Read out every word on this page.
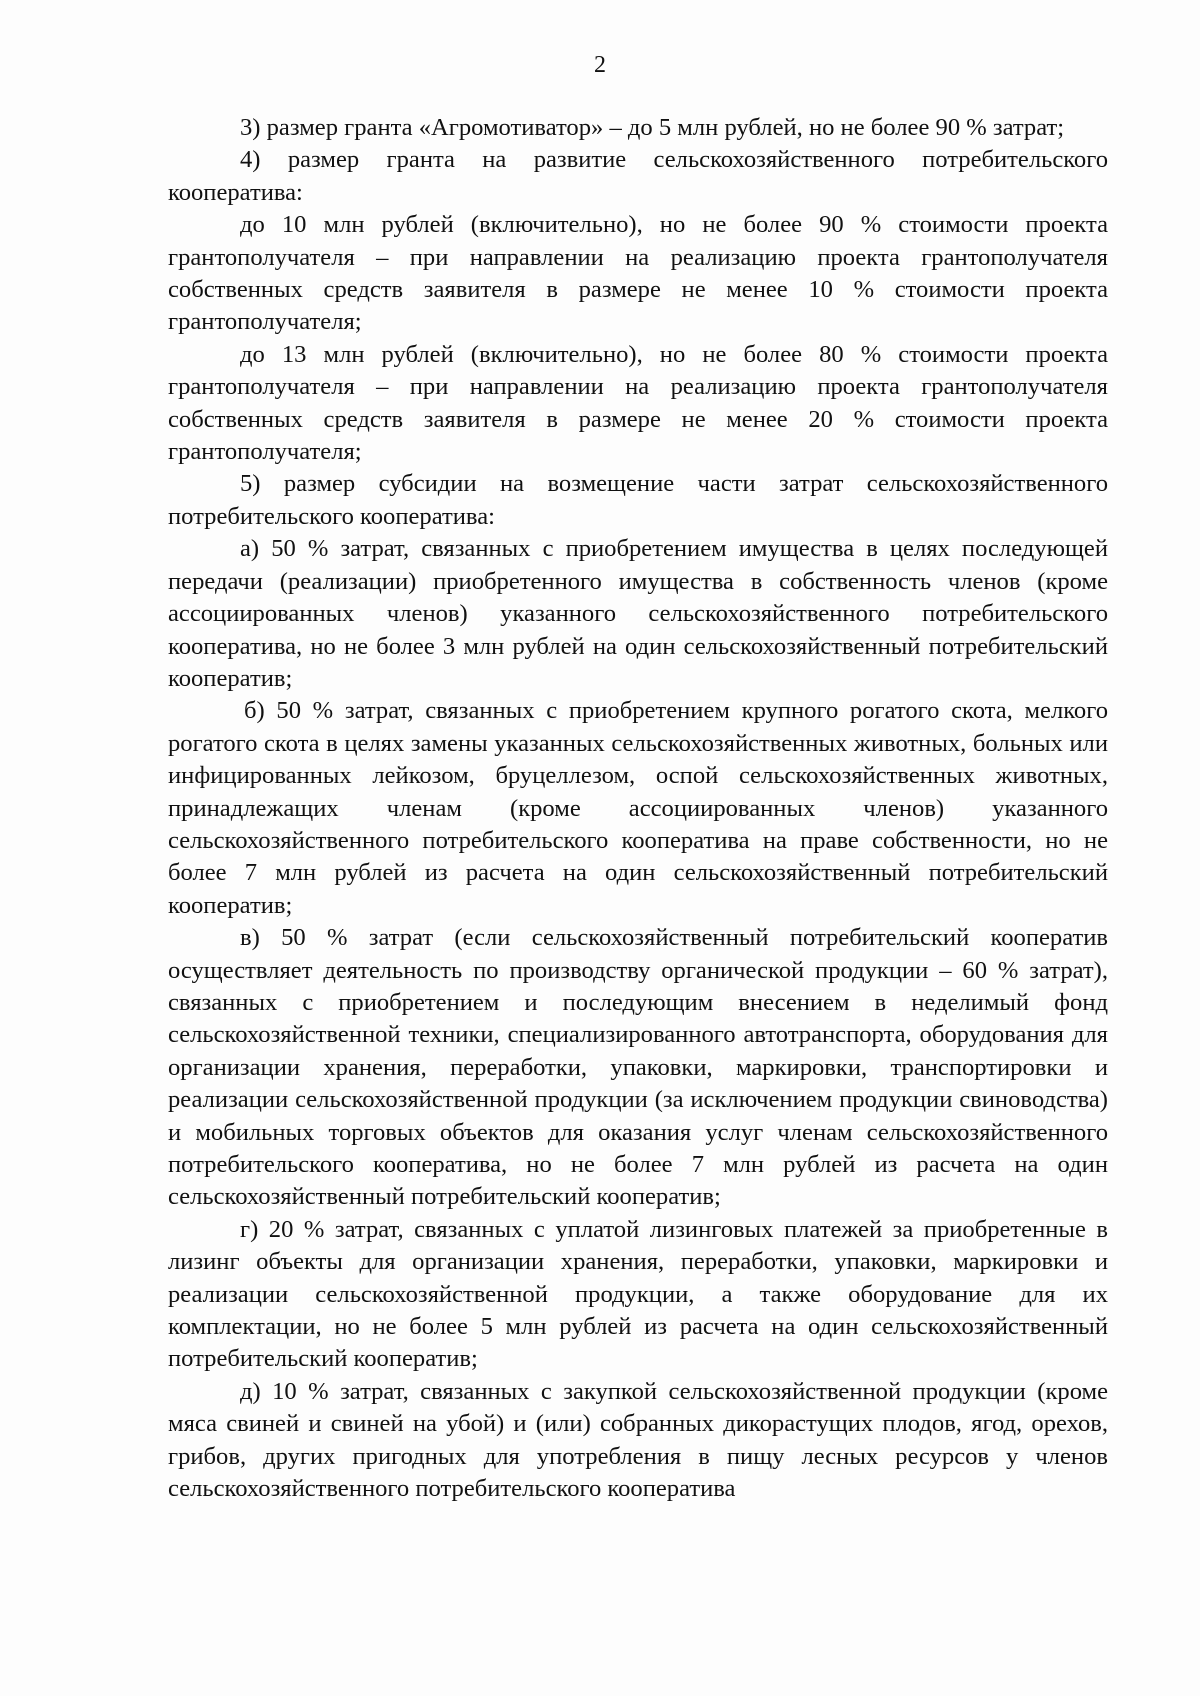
2

3) размер гранта «Агромотиватор» – до 5 млн рублей, но не более 90 % затрат;

4) размер гранта на развитие сельскохозяйственного потребительского кооператива:

до 10 млн рублей (включительно), но не более 90 % стоимости проекта грантополучателя – при направлении на реализацию проекта грантополучателя собственных средств заявителя в размере не менее 10 % стоимости проекта грантополучателя;

до 13 млн рублей (включительно), но не более 80 % стоимости проекта грантополучателя – при направлении на реализацию проекта грантополучателя собственных средств заявителя в размере не менее 20 % стоимости проекта грантополучателя;

5) размер субсидии на возмещение части затрат сельскохозяйственного потребительского кооператива:

а) 50 % затрат, связанных с приобретением имущества в целях последующей передачи (реализации) приобретенного имущества в собственность членов (кроме ассоциированных членов) указанного сельскохозяйственного потребительского кооператива, но не более 3 млн рублей на один сельскохозяйственный потребительский кооператив;

б) 50 % затрат, связанных с приобретением крупного рогатого скота, мелкого рогатого скота в целях замены указанных сельскохозяйственных животных, больных или инфицированных лейкозом, бруцеллезом, оспой сельскохозяйственных животных, принадлежащих членам (кроме ассоциированных членов) указанного сельскохозяйственного потребительского кооператива на праве собственности, но не более 7 млн рублей из расчета на один сельскохозяйственный потребительский кооператив;

в) 50 % затрат (если сельскохозяйственный потребительский кооператив осуществляет деятельность по производству органической продукции – 60 % затрат), связанных с приобретением и последующим внесением в неделимый фонд сельскохозяйственной техники, специализированного автотранспорта, оборудования для организации хранения, переработки, упаковки, маркировки, транспортировки и реализации сельскохозяйственной продукции (за исключением продукции свиноводства) и мобильных торговых объектов для оказания услуг членам сельскохозяйственного потребительского кооператива, но не более 7 млн рублей из расчета на один сельскохозяйственный потребительский кооператив;

г) 20 % затрат, связанных с уплатой лизинговых платежей за приобретенные в лизинг объекты для организации хранения, переработки, упаковки, маркировки и реализации сельскохозяйственной продукции, а также оборудование для их комплектации, но не более 5 млн рублей из расчета на один сельскохозяйственный потребительский кооператив;

д) 10 % затрат, связанных с закупкой сельскохозяйственной продукции (кроме мяса свиней и свиней на убой) и (или) собранных дикорастущих плодов, ягод, орехов, грибов, других пригодных для употребления в пищу лесных ресурсов у членов сельскохозяйственного потребительского кооператива
